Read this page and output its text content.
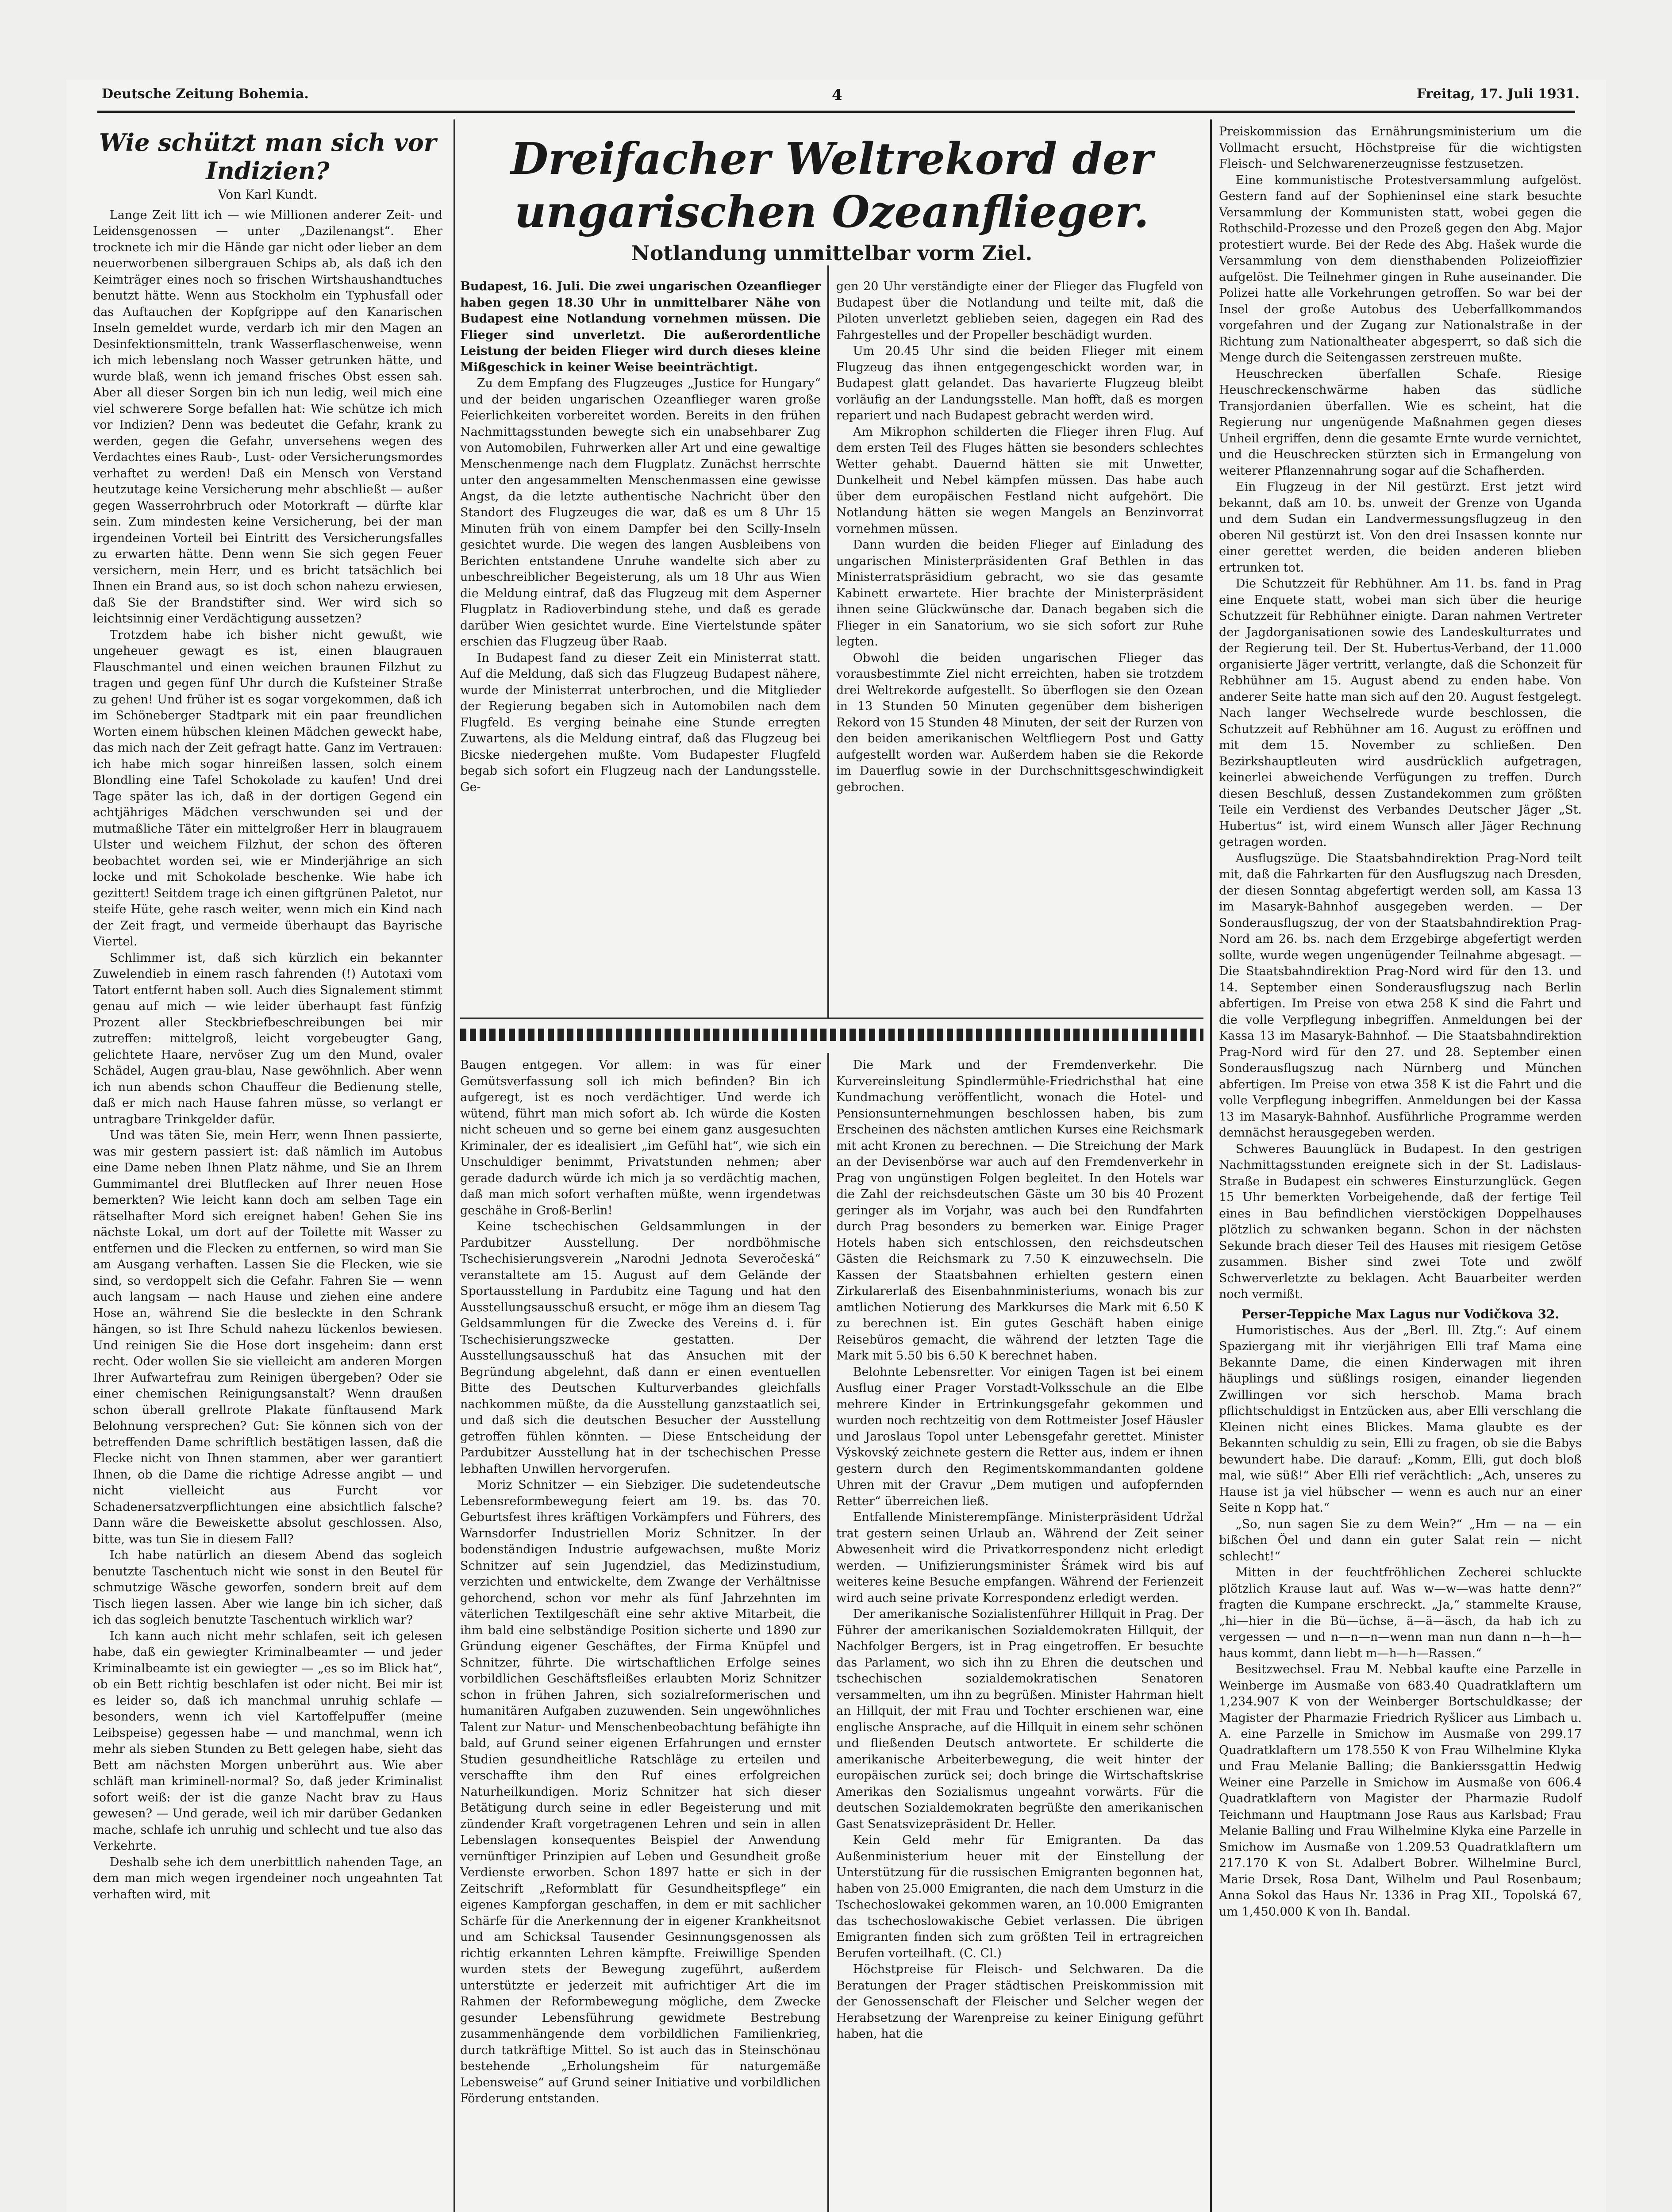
Deutsche Zeitung Bohemia.	4	Freitag, 17. Juli 1931.
Wie schützt man sich vor Indizien?
Von Karl Kundt.

Lange Zeit litt ich — wie Millionen anderer Zeit- und Leidensgenossen — unter „Dazilenangst“. Eher trocknete ich mir die Hände gar nicht oder lieber an dem neuerworbenen silbergrauen Schips ab, als daß ich den Keimträger eines noch so frischen Wirtshaushandtuches benutzt hätte. Wenn aus Stockholm ein Typhusfall oder das Auftauchen der Kopfgrippe auf den Kanarischen Inseln gemeldet wurde, verdarb ich mir den Magen an Desinfektionsmitteln, trank Wasserflaschenweise, wenn ich mich lebenslang noch Wasser getrunken hätte, und wurde blaß, wenn ich jemand frisches Obst essen sah. Aber all dieser Sorgen bin ich nun ledig, weil mich eine viel schwerere Sorge befallen hat: Wie schütze ich mich vor Indizien? Denn was bedeutet die Gefahr, krank zu werden, gegen die Gefahr, unversehens wegen des Verdachtes eines Raub-, Lust- oder Versicherungsmordes verhaftet zu werden! Daß ein Mensch von Verstand heutzutage keine Versicherung mehr abschließt — außer gegen Wasserrohrbruch oder Motorkraft — dürfte klar sein. Zum mindesten keine Versicherung, bei der man irgendeinen Vorteil bei Eintritt des Versicherungsfalles zu erwarten hätte. Denn wenn Sie sich gegen Feuer versichern, mein Herr, und es bricht tatsächlich bei Ihnen ein Brand aus, so ist doch schon nahezu erwiesen, daß Sie der Brandstifter sind. Wer wird sich so leichtsinnig einer Verdächtigung aussetzen?

Trotzdem habe ich bisher nicht gewußt, wie ungeheuer gewagt es ist, einen blaugrauen Flauschmantel und einen weichen braunen Filzhut zu tragen und gegen fünf Uhr durch die Kufsteiner Straße zu gehen! Und früher ist es sogar vorgekommen, daß ich im Schöneberger Stadtpark mit ein paar freundlichen Worten einem hübschen kleinen Mädchen geweckt habe, das mich nach der Zeit gefragt hatte. Ganz im Vertrauen: ich habe mich sogar hinreißen lassen, solch einem Blondling eine Tafel Schokolade zu kaufen! Und drei Tage später las ich, daß in der dortigen Gegend ein achtjähriges Mädchen verschwunden sei und der mutmaßliche Täter ein mittelgroßer Herr in blaugrauem Ulster und weichem Filzhut, der schon des öfteren beobachtet worden sei, wie er Minderjährige an sich locke und mit Schokolade beschenke. Wie habe ich gezittert! Seitdem trage ich einen giftgrünen Paletot, nur steife Hüte, gehe rasch weiter, wenn mich ein Kind nach der Zeit fragt, und vermeide überhaupt das Bayrische Viertel.

Schlimmer ist, daß sich kürzlich ein bekannter Zuwelendieb in einem rasch fahrenden (!) Autotaxi vom Tatort entfernt haben soll. Auch dies Signalement stimmt genau auf mich — wie leider überhaupt fast fünfzig Prozent aller Steckbriefbeschreibungen bei mir zutreffen: mittelgroß, leicht vorgebeugter Gang, gelichtete Haare, nervöser Zug um den Mund, ovaler Schädel, Augen grau-blau, Nase gewöhnlich. Aber wenn ich nun abends schon Chauffeur die Bedienung stelle, daß er mich nach Hause fahren müsse, so verlangt er untragbare Trinkgelder dafür.

Und was täten Sie, mein Herr, wenn Ihnen passierte, was mir gestern passiert ist: daß nämlich im Autobus eine Dame neben Ihnen Platz nähme, und Sie an Ihrem Gummimantel drei Blutflecken auf Ihrer neuen Hose bemerkten? Wie leicht kann doch am selben Tage ein rätselhafter Mord sich ereignet haben! Gehen Sie ins nächste Lokal, um dort auf der Toilette mit Wasser zu entfernen und die Flecken zu entfernen, so wird man Sie am Ausgang verhaften. Lassen Sie die Flecken, wie sie sind, so verdoppelt sich die Gefahr. Fahren Sie — wenn auch langsam — nach Hause und ziehen eine andere Hose an, während Sie die besleckte in den Schrank hängen, so ist Ihre Schuld nahezu lückenlos bewiesen. Und reinigen Sie die Hose dort insgeheim: dann erst recht. Oder wollen Sie sie vielleicht am anderen Morgen Ihrer Aufwartefrau zum Reinigen übergeben? Oder sie einer chemischen Reinigungsanstalt? Wenn draußen schon überall grellrote Plakate fünftausend Mark Belohnung versprechen? Gut: Sie können sich von der betreffenden Dame schriftlich bestätigen lassen, daß die Flecke nicht von Ihnen stammen, aber wer garantiert Ihnen, ob die Dame die richtige Adresse angibt — und nicht vielleicht aus Furcht vor Schadenersatzverpflichtungen eine absichtlich falsche? Dann wäre die Beweiskette absolut geschlossen. Also, bitte, was tun Sie in diesem Fall?

Ich habe natürlich an diesem Abend das sogleich benutzte Taschentuch nicht wie sonst in den Beutel für schmutzige Wäsche geworfen, sondern breit auf dem Tisch liegen lassen. Aber wie lange bin ich sicher, daß ich das sogleich benutzte Taschentuch wirklich war?

Ich kann auch nicht mehr schlafen, seit ich gelesen habe, daß ein gewiegter Kriminalbeamter — und jeder Kriminalbeamte ist ein gewiegter — „es so im Blick hat“, ob ein Bett richtig beschlafen ist oder nicht. Bei mir ist es leider so, daß ich manchmal unruhig schlafe — besonders, wenn ich viel Kartoffelpuffer (meine Leibspeise) gegessen habe — und manchmal, wenn ich mehr als sieben Stunden zu Bett gelegen habe, sieht das Bett am nächsten Morgen unberührt aus. Wie aber schläft man kriminell-normal? So, daß jeder Kriminalist sofort weiß: der ist die ganze Nacht brav zu Haus gewesen? — Und gerade, weil ich mir darüber Gedanken mache, schlafe ich unruhig und schlecht und tue also das Verkehrte.

Deshalb sehe ich dem unerbittlich nahenden Tage, an dem man mich wegen irgendeiner noch ungeahnten Tat verhaften wird, mit

Dreifacher Weltrekord der ungarischen Ozeanflieger.
Notlandung unmittelbar vorm Ziel.

Budapest, 16. Juli. Die zwei ungarischen Ozeanflieger haben gegen 18.30 Uhr in unmittelbarer Nähe von Budapest eine Notlandung vornehmen müssen. Die Flieger sind unverletzt. Die außerordentliche Leistung der beiden Flieger wird durch dieses kleine Mißgeschick in keiner Weise beeinträchtigt.

Zu dem Empfang des Flugzeuges „Justice for Hungary“ und der beiden ungarischen Ozeanflieger waren große Feierlichkeiten vorbereitet worden. Bereits in den frühen Nachmittagsstunden bewegte sich ein unabsehbarer Zug von Automobilen, Fuhrwerken aller Art und eine gewaltige Menschenmenge nach dem Flugplatz. Zunächst herrschte unter den angesammelten Menschenmassen eine gewisse Angst, da die letzte authentische Nachricht über den Standort des Flugzeuges die war, daß es um 8 Uhr 15 Minuten früh von einem Dampfer bei den Scilly-Inseln gesichtet wurde. Die wegen des langen Ausbleibens von Berichten entstandene Unruhe wandelte sich aber zu unbeschreiblicher Begeisterung, als um 18 Uhr aus Wien die Meldung eintraf, daß das Flugzeug mit dem Asperner Flugplatz in Radioverbindung stehe, und daß es gerade darüber Wien gesichtet wurde. Eine Viertelstunde später erschien das Flugzeug über Raab.

In Budapest fand zu dieser Zeit ein Ministerrat statt. Auf die Meldung, daß sich das Flugzeug Budapest nähere, wurde der Ministerrat unterbrochen, und die Mitglieder der Regierung begaben sich in Automobilen nach dem Flugfeld. Es verging beinahe eine Stunde erregten Zuwartens, als die Meldung eintraf, daß das Flugzeug bei Bicske niedergehen mußte. Vom Budapester Flugfeld begab sich sofort ein Flugzeug nach der Landungsstelle. Ge-

gen 20 Uhr verständigte einer der Flieger das Flugfeld von Budapest über die Notlandung und teilte mit, daß die Piloten unverletzt geblieben seien, dagegen ein Rad des Fahrgestelles und der Propeller beschädigt wurden.

Um 20.45 Uhr sind die beiden Flieger mit einem Flugzeug das ihnen entgegengeschickt worden war, in Budapest glatt gelandet. Das havarierte Flugzeug bleibt vorläufig an der Landungsstelle. Man hofft, daß es morgen repariert und nach Budapest gebracht werden wird.

Am Mikrophon schilderten die Flieger ihren Flug. Auf dem ersten Teil des Fluges hätten sie besonders schlechtes Wetter gehabt. Dauernd hätten sie mit Unwetter, Dunkelheit und Nebel kämpfen müssen. Das habe auch über dem europäischen Festland nicht aufgehört. Die Notlandung hätten sie wegen Mangels an Benzinvorrat vornehmen müssen.

Dann wurden die beiden Flieger auf Einladung des ungarischen Ministerpräsidenten Graf Bethlen in das Ministerratspräsidium gebracht, wo sie das gesamte Kabinett erwartete. Hier brachte der Ministerpräsident ihnen seine Glückwünsche dar. Danach begaben sich die Flieger in ein Sanatorium, wo sie sich sofort zur Ruhe legten.

Obwohl die beiden ungarischen Flieger das vorausbestimmte Ziel nicht erreichten, haben sie trotzdem drei Weltrekorde aufgestellt. So überflogen sie den Ozean in 13 Stunden 50 Minuten gegenüber dem bisherigen Rekord von 15 Stunden 48 Minuten, der seit der Rurzen von den beiden amerikanischen Weltfliegern Post und Gatty aufgestellt worden war. Außerdem haben sie die Rekorde im Dauerflug sowie in der Durchschnittsgeschwindigkeit gebrochen.

Baugen entgegen. Vor allem: in was für einer Gemütsverfassung soll ich mich befinden? Bin ich aufgeregt, ist es noch verdächtiger. Und werde ich wütend, führt man mich sofort ab. Ich würde die Kosten nicht scheuen und so gerne bei einem ganz ausgesuchten Kriminaler, der es idealisiert „im Gefühl hat“, wie sich ein Unschuldiger benimmt, Privatstunden nehmen; aber gerade dadurch würde ich mich ja so verdächtig machen, daß man mich sofort verhaften müßte, wenn irgendetwas geschähe in Groß-Berlin!

Keine tschechischen Geldsammlungen in der Pardubitzer Ausstellung. Der nordböhmische Tschechisierungsverein „Narodni Jednota Severočeská“ veranstaltete am 15. August auf dem Gelände der Sportausstellung in Pardubitz eine Tagung und hat den Ausstellungsausschuß ersucht, er möge ihm an diesem Tag Geldsammlungen für die Zwecke des Vereins d. i. für Tschechisierungszwecke gestatten. Der Ausstellungsausschuß hat das Ansuchen mit der Begründung abgelehnt, daß dann er einen eventuellen Bitte des Deutschen Kulturverbandes gleichfalls nachkommen müßte, da die Ausstellung ganzstaatlich sei, und daß sich die deutschen Besucher der Ausstellung getroffen fühlen könnten. — Diese Entscheidung der Pardubitzer Ausstellung hat in der tschechischen Presse lebhaften Unwillen hervorgerufen.

Moriz Schnitzer — ein Siebziger. Die sudetendeutsche Lebensreformbewegung feiert am 19. bs. das 70. Geburtsfest ihres kräftigen Vorkämpfers und Führers, des Warnsdorfer Industriellen Moriz Schnitzer. In der bodenständigen Industrie aufgewachsen, mußte Moriz Schnitzer auf sein Jugendziel, das Medizinstudium, verzichten und entwickelte, dem Zwange der Verhältnisse gehorchend, schon vor mehr als fünf Jahrzehnten im väterlichen Textilgeschäft eine sehr aktive Mitarbeit, die ihm bald eine selbständige Position sicherte und 1890 zur Gründung eigener Geschäftes, der Firma Knüpfel und Schnitzer, führte. Die wirtschaftlichen Erfolge seines vorbildlichen Geschäftsfleißes erlaubten Moriz Schnitzer schon in frühen Jahren, sich sozialreformerischen und humanitären Aufgaben zuzuwenden. Sein ungewöhnliches Talent zur Natur- und Menschenbeobachtung befähigte ihn bald, auf Grund seiner eigenen Erfahrungen und ernster Studien gesundheitliche Ratschläge zu erteilen und verschaffte ihm den Ruf eines erfolgreichen Naturheilkundigen. Moriz Schnitzer hat sich dieser Betätigung durch seine in edler Begeisterung und mit zündender Kraft vorgetragenen Lehren und sein in allen Lebenslagen konsequentes Beispiel der Anwendung vernünftiger Prinzipien auf Leben und Gesundheit große Verdienste erworben. Schon 1897 hatte er sich in der Zeitschrift „Reformblatt für Gesundheitspflege“ ein eigenes Kampforgan geschaffen, in dem er mit sachlicher Schärfe für die Anerkennung der in eigener Krankheitsnot und am Schicksal Tausender Gesinnungsgenossen als richtig erkannten Lehren kämpfte. Freiwillige Spenden wurden stets der Bewegung zugeführt, außerdem unterstützte er jederzeit mit aufrichtiger Art die im Rahmen der Reformbewegung mögliche, dem Zwecke gesunder Lebensführung gewidmete Bestrebung zusammenhängende dem vorbildlichen Familienkrieg, durch tatkräftige Mittel. So ist auch das in Steinschönau bestehende „Erholungsheim für naturgemäße Lebensweise“ auf Grund seiner Initiative und vorbildlichen Förderung entstanden.

Die Mark und der Fremdenverkehr. Die Kurvereinsleitung Spindlermühle-Friedrichsthal hat eine Kundmachung veröffentlicht, wonach die Hotel- und Pensionsunternehmungen beschlossen haben, bis zum Erscheinen des nächsten amtlichen Kurses eine Reichsmark mit acht Kronen zu berechnen. — Die Streichung der Mark an der Devisenbörse war auch auf den Fremdenverkehr in Prag von ungünstigen Folgen begleitet. In den Hotels war die Zahl der reichsdeutschen Gäste um 30 bis 40 Prozent geringer als im Vorjahr, was auch bei den Rundfahrten durch Prag besonders zu bemerken war. Einige Prager Hotels haben sich entschlossen, den reichsdeutschen Gästen die Reichsmark zu 7.50 K einzuwechseln. Die Kassen der Staatsbahnen erhielten gestern einen Zirkularerlaß des Eisenbahnministeriums, wonach bis zur amtlichen Notierung des Markkurses die Mark mit 6.50 K zu berechnen ist. Ein gutes Geschäft haben einige Reisebüros gemacht, die während der letzten Tage die Mark mit 5.50 bis 6.50 K berechnet haben.

Belohnte Lebensretter. Vor einigen Tagen ist bei einem Ausflug einer Prager Vorstadt-Volksschule an die Elbe mehrere Kinder in Ertrinkungsgefahr gekommen und wurden noch rechtzeitig von dem Rottmeister Josef Häusler und Jaroslaus Topol unter Lebensgefahr gerettet. Minister Výskovský zeichnete gestern die Retter aus, indem er ihnen gestern durch den Regimentskommandanten goldene Uhren mit der Gravur „Dem mutigen und aufopfernden Retter“ überreichen ließ.

Entfallende Ministerempfänge. Ministerpräsident Udržal trat gestern seinen Urlaub an. Während der Zeit seiner Abwesenheit wird die Privatkorrespondenz nicht erledigt werden. — Unifizierungsminister Šrámek wird bis auf weiteres keine Besuche empfangen. Während der Ferienzeit wird auch seine private Korrespondenz erledigt werden.

Der amerikanische Sozialistenführer Hillquit in Prag. Der Führer der amerikanischen Sozialdemokraten Hillquit, der Nachfolger Bergers, ist in Prag eingetroffen. Er besuchte das Parlament, wo sich ihn zu Ehren die deutschen und tschechischen sozialdemokratischen Senatoren versammelten, um ihn zu begrüßen. Minister Hahrman hielt an Hillquit, der mit Frau und Tochter erschienen war, eine englische Ansprache, auf die Hillquit in einem sehr schönen und fließenden Deutsch antwortete. Er schilderte die amerikanische Arbeiterbewegung, die weit hinter der europäischen zurück sei; doch bringe die Wirtschaftskrise Amerikas den Sozialismus ungeahnt vorwärts. Für die deutschen Sozialdemokraten begrüßte den amerikanischen Gast Senatsvizepräsident Dr. Heller.

Kein Geld mehr für Emigranten. Da das Außenministerium heuer mit der Einstellung der Unterstützung für die russischen Emigranten begonnen hat, haben von 25.000 Emigranten, die nach dem Umsturz in die Tschechoslowakei gekommen waren, an 10.000 Emigranten das tschechoslowakische Gebiet verlassen. Die übrigen Emigranten finden sich zum größten Teil in ertragreichen Berufen vorteilhaft. (C. Cl.)

Höchstpreise für Fleisch- und Selchwaren. Da die Beratungen der Prager städtischen Preiskommission mit der Genossenschaft der Fleischer und Selcher wegen der Herabsetzung der Warenpreise zu keiner Einigung geführt haben, hat die

Preiskommission das Ernährungsministerium um die Vollmacht ersucht, Höchstpreise für die wichtigsten Fleisch- und Selchwarenerzeugnisse festzusetzen.

Eine kommunistische Protestversammlung aufgelöst. Gestern fand auf der Sophieninsel eine stark besuchte Versammlung der Kommunisten statt, wobei gegen die Rothschild-Prozesse und den Prozeß gegen den Abg. Major protestiert wurde. Bei der Rede des Abg. Hašek wurde die Versammlung von dem diensthabenden Polizeioffizier aufgelöst. Die Teilnehmer gingen in Ruhe auseinander. Die Polizei hatte alle Vorkehrungen getroffen. So war bei der Insel der große Autobus des Ueberfallkommandos vorgefahren und der Zugang zur Nationalstraße in der Richtung zum Nationaltheater abgesperrt, so daß sich die Menge durch die Seitengassen zerstreuen mußte.

Heuschrecken überfallen Schafe. Riesige Heuschreckenschwärme haben das südliche Transjordanien überfallen. Wie es scheint, hat die Regierung nur ungenügende Maßnahmen gegen dieses Unheil ergriffen, denn die gesamte Ernte wurde vernichtet, und die Heuschrecken stürzten sich in Ermangelung von weiterer Pflanzennahrung sogar auf die Schafherden.

Ein Flugzeug in der Nil gestürzt. Erst jetzt wird bekannt, daß am 10. bs. unweit der Grenze von Uganda und dem Sudan ein Landvermessungsflugzeug in den oberen Nil gestürzt ist. Von den drei Insassen konnte nur einer gerettet werden, die beiden anderen blieben ertrunken tot.

Die Schutzzeit für Rebhühner. Am 11. bs. fand in Prag eine Enquete statt, wobei man sich über die heurige Schutzzeit für Rebhühner einigte. Daran nahmen Vertreter der Jagdorganisationen sowie des Landeskulturrates und der Regierung teil. Der St. Hubertus-Verband, der 11.000 organisierte Jäger vertritt, verlangte, daß die Schonzeit für Rebhühner am 15. August abend zu enden habe. Von anderer Seite hatte man sich auf den 20. August festgelegt. Nach langer Wechselrede wurde beschlossen, die Schutzzeit auf Rebhühner am 16. August zu eröffnen und mit dem 15. November zu schließen. Den Bezirkshauptleuten wird ausdrücklich aufgetragen, keinerlei abweichende Verfügungen zu treffen. Durch diesen Beschluß, dessen Zustandekommen zum größten Teile ein Verdienst des Verbandes Deutscher Jäger „St. Hubertus“ ist, wird einem Wunsch aller Jäger Rechnung getragen worden.

Ausflugszüge. Die Staatsbahndirektion Prag-Nord teilt mit, daß die Fahrkarten für den Ausflugszug nach Dresden, der diesen Sonntag abgefertigt werden soll, am Kassa 13 im Masaryk-Bahnhof ausgegeben werden. — Der Sonderausflugszug, der von der Staatsbahndirektion Prag-Nord am 26. bs. nach dem Erzgebirge abgefertigt werden sollte, wurde wegen ungenügender Teilnahme abgesagt. — Die Staatsbahndirektion Prag-Nord wird für den 13. und 14. September einen Sonderausflugszug nach Berlin abfertigen. Im Preise von etwa 258 K sind die Fahrt und die volle Verpflegung inbegriffen. Anmeldungen bei der Kassa 13 im Masaryk-Bahnhof. — Die Staatsbahndirektion Prag-Nord wird für den 27. und 28. September einen Sonderausflugszug nach Nürnberg und München abfertigen. Im Preise von etwa 358 K ist die Fahrt und die volle Verpflegung inbegriffen. Anmeldungen bei der Kassa 13 im Masaryk-Bahnhof. Ausführliche Programme werden demnächst herausgegeben werden.

Schweres Bauunglück in Budapest. In den gestrigen Nachmittagsstunden ereignete sich in der St. Ladislaus-Straße in Budapest ein schweres Einsturzunglück. Gegen 15 Uhr bemerkten Vorbeigehende, daß der fertige Teil eines in Bau befindlichen vierstöckigen Doppelhauses plötzlich zu schwanken begann. Schon in der nächsten Sekunde brach dieser Teil des Hauses mit riesigem Getöse zusammen. Bisher sind zwei Tote und zwölf Schwerverletzte zu beklagen. Acht Bauarbeiter werden noch vermißt.

Perser-Teppiche Max Lagus nur Vodičkova 32.

Humoristisches. Aus der „Berl. Ill. Ztg.“: Auf einem Spaziergang mit ihr vierjährigen Elli traf Mama eine Bekannte Dame, die einen Kinderwagen mit ihren häuplings und süßlings rosigen, einander liegenden Zwillingen vor sich herschob. Mama brach pflichtschuldigst in Entzücken aus, aber Elli verschlang die Kleinen nicht eines Blickes. Mama glaubte es der Bekannten schuldig zu sein, Elli zu fragen, ob sie die Babys bewundert habe. Die darauf: „Komm, Elli, gut doch bloß mal, wie süß!“ Aber Elli rief verächtlich: „Ach, unseres zu Hause ist ja viel hübscher — wenn es auch nur an einer Seite n Kopp hat.“

„So, nun sagen Sie zu dem Wein?“ „Hm — na — ein bißchen Öel und dann ein guter Salat rein — nicht schlecht!“

Mitten in der feuchtfröhlichen Zecherei schluckte plötzlich Krause laut auf. Was w—w—was hatte denn?“ fragten die Kumpane erschreckt. „Ja,“ stammelte Krause, „hi—hier in die Bü—üchse, ä—ä—äsch, da hab ich zu vergessen — und n—n—n—wenn man nun dann n—h—h—haus kommt, dann liebt m—h—h—Rassen.“

Besitzwechsel. Frau M. Nebbal kaufte eine Parzelle in Weinberge im Ausmaße von 683.40 Quadratklaftern um 1,234.907 K von der Weinberger Bortschuldkasse; der Magister der Pharmazie Friedrich Ryšlicer aus Limbach u. A. eine Parzelle in Smichow im Ausmaße von 299.17 Quadratklaftern um 178.550 K von Frau Wilhelmine Klyka und Frau Melanie Balling; die Bankierssgattin Hedwig Weiner eine Parzelle in Smichow im Ausmaße von 606.4 Quadratklaftern von Magister der Pharmazie Rudolf Teichmann und Hauptmann Jose Raus aus Karlsbad; Frau Melanie Balling und Frau Wilhelmine Klyka eine Parzelle in Smichow im Ausmaße von 1.209.53 Quadratklaftern um 217.170 K von St. Adalbert Bobrer. Wilhelmine Burcl, Marie Drsek, Rosa Dant, Wilhelm und Paul Rosenbaum; Anna Sokol das Haus Nr. 1336 in Prag XII., Topolská 67, um 1,450.000 K von Ih. Bandal.
